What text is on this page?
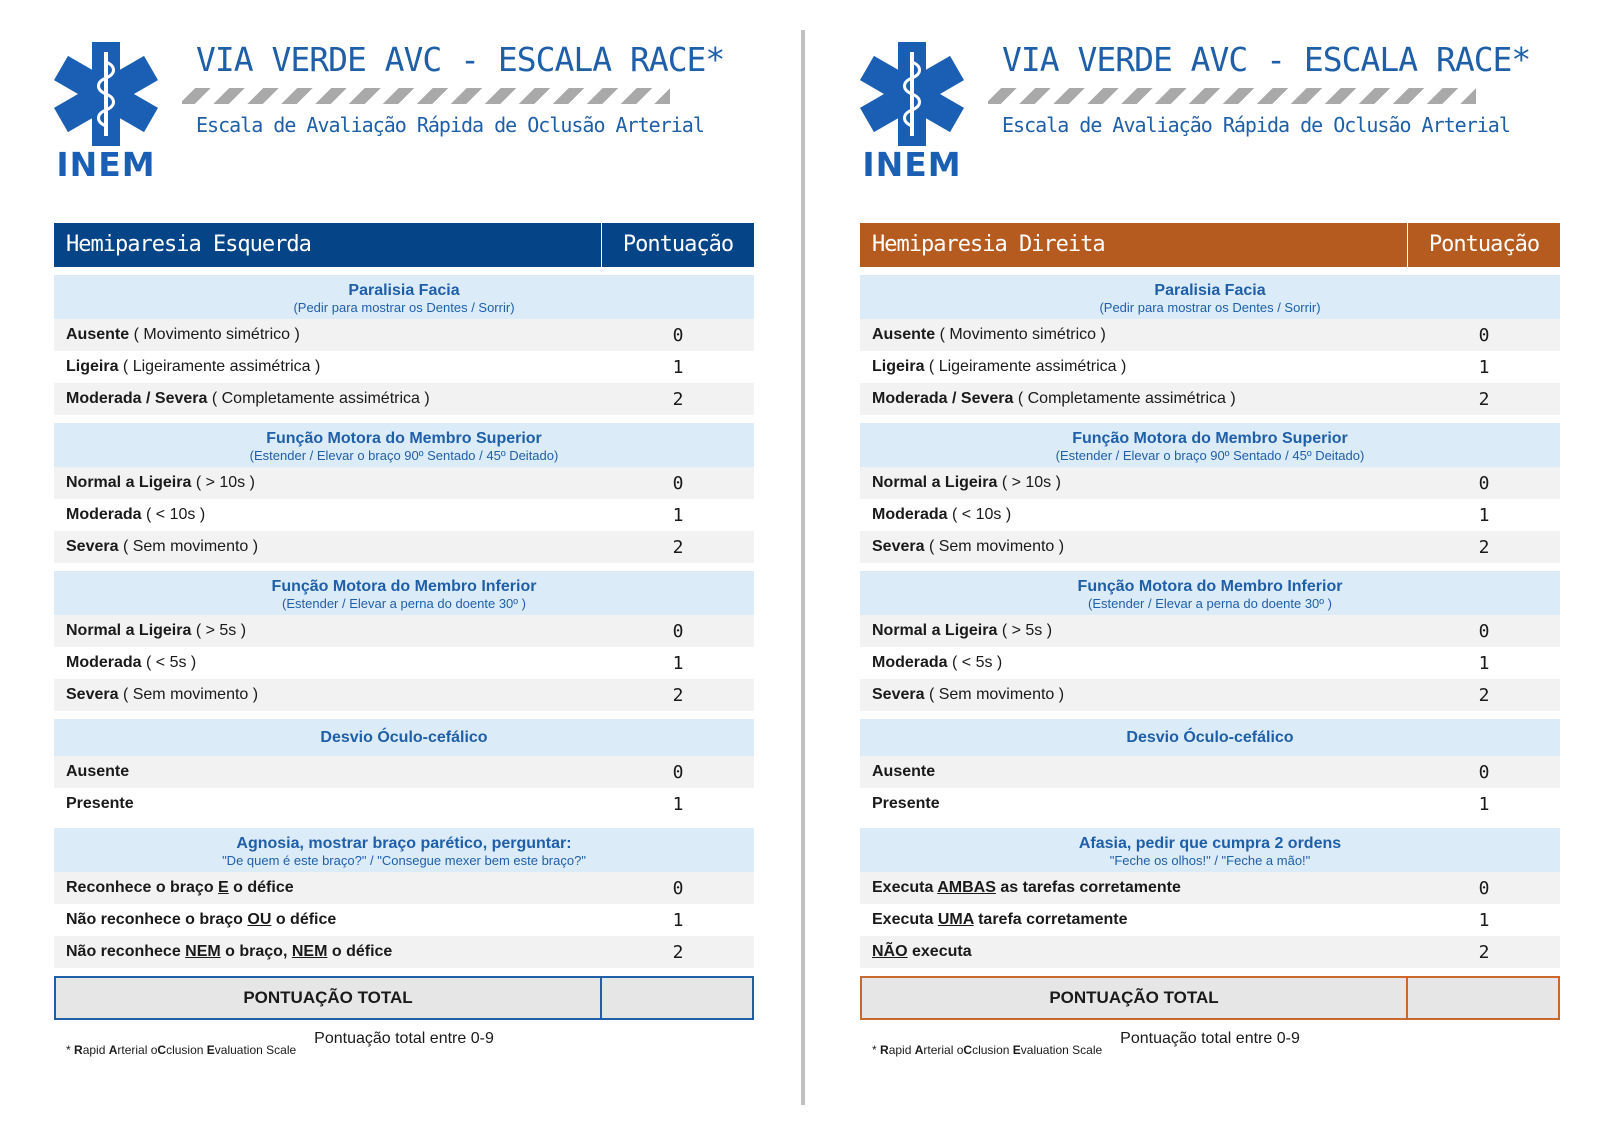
INEM
VIA VERDE AVC - ESCALA RACE*
Escala de Avaliação Rápida de Oclusão Arterial
Hemiparesia Esquerda	Pontuação
Paralisia Facia
(Pedir para mostrar os Dentes / Sorrir)
Ausente ( Movimento simétrico )	0
Ligeira ( Ligeiramente assimétrica )	1
Moderada / Severa ( Completamente assimétrica )	2
Função Motora do Membro Superior
(Estender / Elevar o braço 90º Sentado / 45º Deitado)
Normal a Ligeira ( > 10s )	0
Moderada ( < 10s )	1
Severa ( Sem movimento )	2
Função Motora do Membro Inferior
(Estender / Elevar a perna do doente 30º )
Normal a Ligeira ( > 5s )	0
Moderada ( < 5s )	1
Severa ( Sem movimento )	2
Desvio Óculo-cefálico
Ausente	0
Presente	1
Agnosia, mostrar braço parético, perguntar:
"De quem é este braço?" / "Consegue mexer bem este braço?"
Reconhece o braço E o défice	0
Não reconhece o braço OU o défice	1
Não reconhece NEM o braço, NEM o défice	2
PONTUAÇÃO TOTAL
Pontuação total entre 0-9
* Rapid Arterial oCclusion Evaluation Scale
INEM
VIA VERDE AVC - ESCALA RACE*
Escala de Avaliação Rápida de Oclusão Arterial
Hemiparesia Direita	Pontuação
Paralisia Facia
(Pedir para mostrar os Dentes / Sorrir)
Ausente ( Movimento simétrico )	0
Ligeira ( Ligeiramente assimétrica )	1
Moderada / Severa ( Completamente assimétrica )	2
Função Motora do Membro Superior
(Estender / Elevar o braço 90º Sentado / 45º Deitado)
Normal a Ligeira ( > 10s )	0
Moderada ( < 10s )	1
Severa ( Sem movimento )	2
Função Motora do Membro Inferior
(Estender / Elevar a perna do doente 30º )
Normal a Ligeira ( > 5s )	0
Moderada ( < 5s )	1
Severa ( Sem movimento )	2
Desvio Óculo-cefálico
Ausente	0
Presente	1
Afasia, pedir que cumpra 2 ordens
"Feche os olhos!" / "Feche a mão!"
Executa AMBAS as tarefas corretamente	0
Executa UMA tarefa corretamente	1
NÃO executa	2
PONTUAÇÃO TOTAL
Pontuação total entre 0-9
* Rapid Arterial oCclusion Evaluation Scale
